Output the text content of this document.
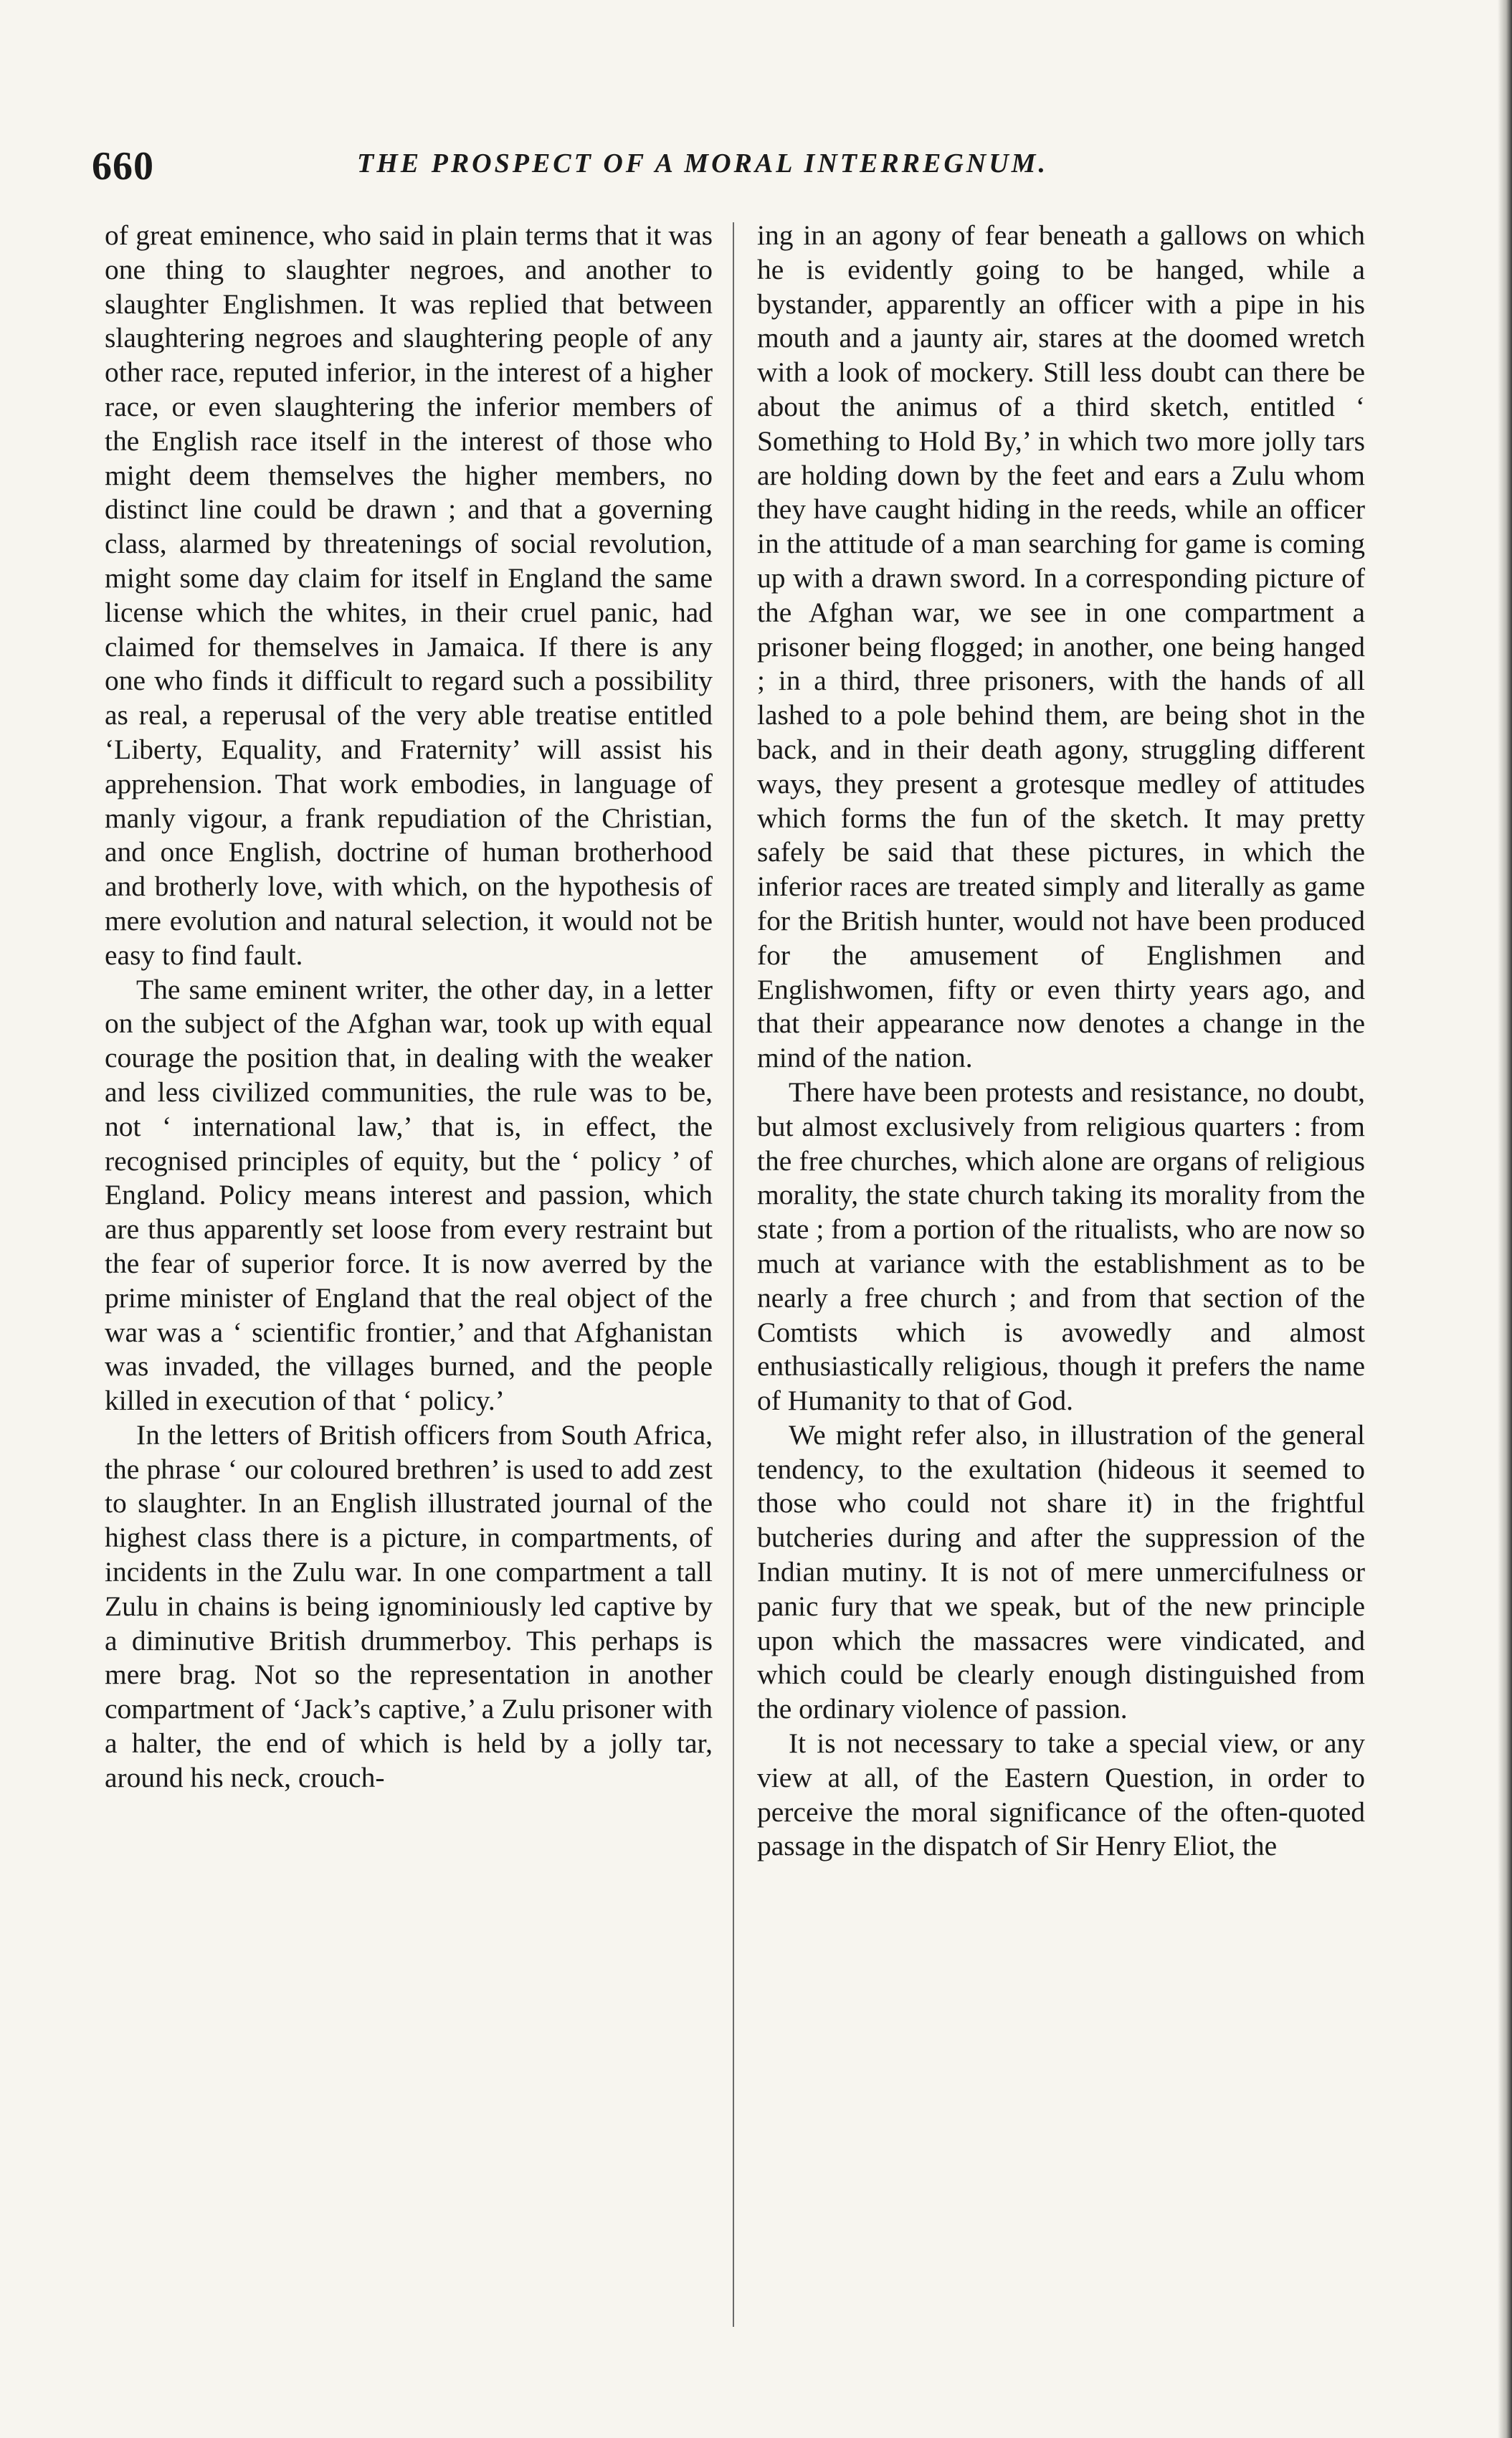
660	THE PROSPECT OF A MORAL INTERREGNUM.

of great eminence, who said in plain terms that it was one thing to slaughter negroes, and another to slaughter Englishmen. It was replied that between slaughtering negroes and slaughtering people of any other race, reputed inferior, in the interest of a higher race, or even slaughtering the inferior members of the English race itself in the interest of those who might deem themselves the higher members, no distinct line could be drawn ; and that a governing class, alarmed by threatenings of social revolution, might some day claim for itself in England the same license which the whites, in their cruel panic, had claimed for themselves in Jamaica. If there is any one who finds it difficult to regard such a possibility as real, a reperusal of the very able treatise entitled ‘Liberty, Equality, and Fraternity’ will assist his apprehension. That work embodies, in language of manly vigour, a frank repudiation of the Christian, and once English, doctrine of human brotherhood and brotherly love, with which, on the hypothesis of mere evolution and natural selection, it would not be easy to find fault.

The same eminent writer, the other day, in a letter on the subject of the Afghan war, took up with equal courage the position that, in dealing with the weaker and less civilized communities, the rule was to be, not ‘ international law,’ that is, in effect, the recognised principles of equity, but the ‘ policy ’ of England. Policy means interest and passion, which are thus apparently set loose from every restraint but the fear of superior force. It is now averred by the prime minister of England that the real object of the war was a ‘ scientific frontier,’ and that Afghanistan was invaded, the villages burned, and the people killed in execution of that ‘ policy.’

In the letters of British officers from South Africa, the phrase ‘ our coloured brethren’ is used to add zest to slaughter. In an English illustrated journal of the highest class there is a picture, in compartments, of incidents in the Zulu war. In one compartment a tall Zulu in chains is being ignominiously led captive by a diminutive British drummerboy. This perhaps is mere brag. Not so the representation in another compartment of ‘Jack’s captive,’ a Zulu prisoner with a halter, the end of which is held by a jolly tar, around his neck, crouch-

ing in an agony of fear beneath a gallows on which he is evidently going to be hanged, while a bystander, apparently an officer with a pipe in his mouth and a jaunty air, stares at the doomed wretch with a look of mockery. Still less doubt can there be about the animus of a third sketch, entitled ‘ Something to Hold By,’ in which two more jolly tars are holding down by the feet and ears a Zulu whom they have caught hiding in the reeds, while an officer in the attitude of a man searching for game is coming up with a drawn sword. In a corresponding picture of the Afghan war, we see in one compartment a prisoner being flogged; in another, one being hanged ; in a third, three prisoners, with the hands of all lashed to a pole behind them, are being shot in the back, and in their death agony, struggling different ways, they present a grotesque medley of attitudes which forms the fun of the sketch. It may pretty safely be said that these pictures, in which the inferior races are treated simply and literally as game for the British hunter, would not have been produced for the amusement of Englishmen and Englishwomen, fifty or even thirty years ago, and that their appearance now denotes a change in the mind of the nation.

There have been protests and resistance, no doubt, but almost exclusively from religious quarters : from the free churches, which alone are organs of religious morality, the state church taking its morality from the state ; from a portion of the ritualists, who are now so much at variance with the establishment as to be nearly a free church ; and from that section of the Comtists which is avowedly and almost enthusiastically religious, though it prefers the name of Humanity to that of God.

We might refer also, in illustration of the general tendency, to the exultation (hideous it seemed to those who could not share it) in the frightful butcheries during and after the suppression of the Indian mutiny. It is not of mere unmercifulness or panic fury that we speak, but of the new principle upon which the massacres were vindicated, and which could be clearly enough distinguished from the ordinary violence of passion.

It is not necessary to take a special view, or any view at all, of the Eastern Question, in order to perceive the moral significance of the often-quoted passage in the dispatch of Sir Henry Eliot, the
